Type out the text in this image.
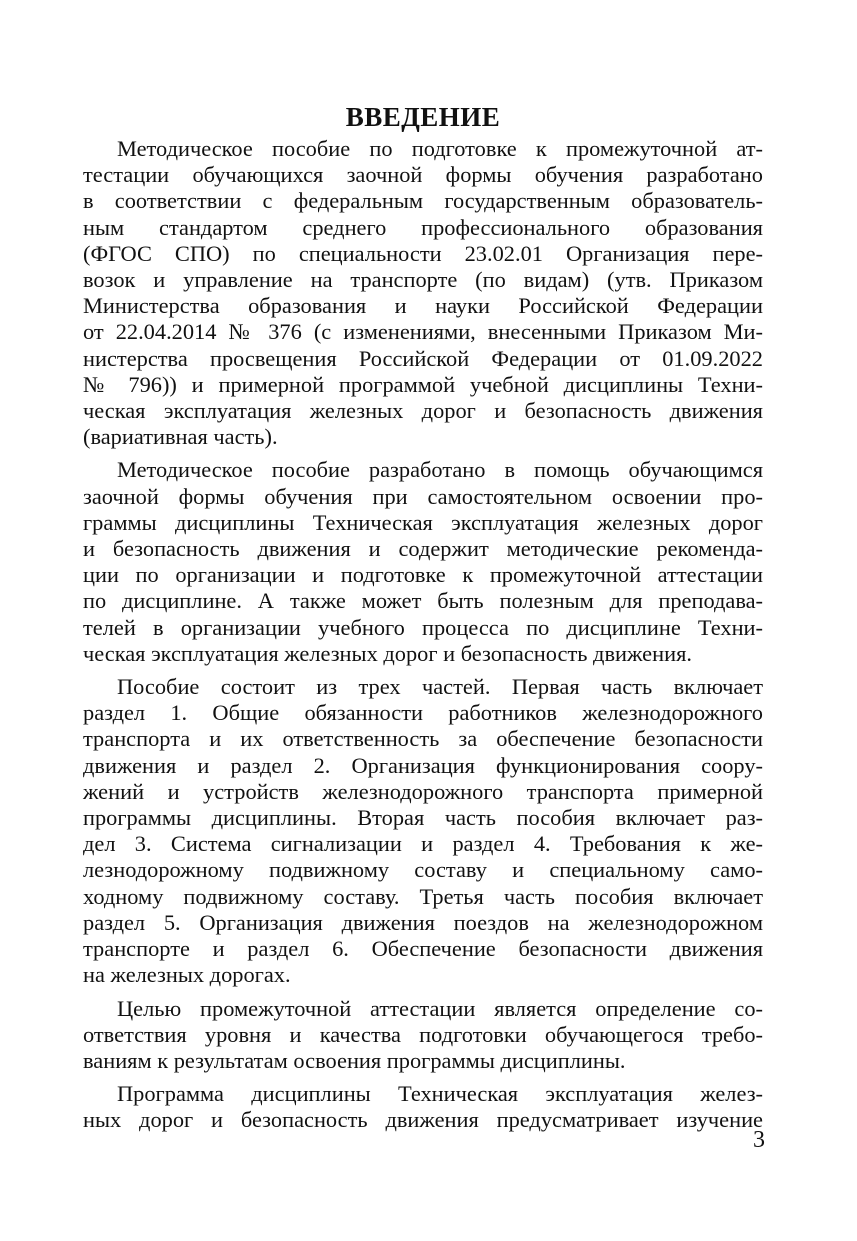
ВВЕДЕНИЕ
Методическое пособие по подготовке к промежуточной ат-
тестации обучающихся заочной формы обучения разработано
в соответствии с федеральным государственным образователь-
ным стандартом среднего профессионального образования
(ФГОС СПО) по специальности 23.02.01 Организация пере-
возок и управление на транспорте (по видам) (утв. Приказом
Министерства образования и науки Российской Федерации
от 22.04.2014 № 376 (с изменениями, внесенными Приказом Ми-
нистерства просвещения Российской Федерации от 01.09.2022
№ 796)) и примерной программой учебной дисциплины Техни-
ческая эксплуатация железных дорог и безопасность движения
(вариативная часть).
Методическое пособие разработано в помощь обучающимся
заочной формы обучения при самостоятельном освоении про-
граммы дисциплины Техническая эксплуатация железных дорог
и безопасность движения и содержит методические рекоменда-
ции по организации и подготовке к промежуточной аттестации
по дисциплине. А также может быть полезным для преподава-
телей в организации учебного процесса по дисциплине Техни-
ческая эксплуатация железных дорог и безопасность движения.
Пособие состоит из трех частей. Первая часть включает
раздел 1. Общие обязанности работников железнодорожного
транспорта и их ответственность за обеспечение безопасности
движения и раздел 2. Организация функционирования соору-
жений и устройств железнодорожного транспорта примерной
программы дисциплины. Вторая часть пособия включает раз-
дел 3. Система сигнализации и раздел 4. Требования к же-
лезнодорожному подвижному составу и специальному само-
ходному подвижному составу. Третья часть пособия включает
раздел 5. Организация движения поездов на железнодорожном
транспорте и раздел 6. Обеспечение безопасности движения
на железных дорогах.
Целью промежуточной аттестации является определение со-
ответствия уровня и качества подготовки обучающегося требо-
ваниям к результатам освоения программы дисциплины.
Программа дисциплины Техническая эксплуатация желез-
ных дорог и безопасность движения предусматривает изучение
3
